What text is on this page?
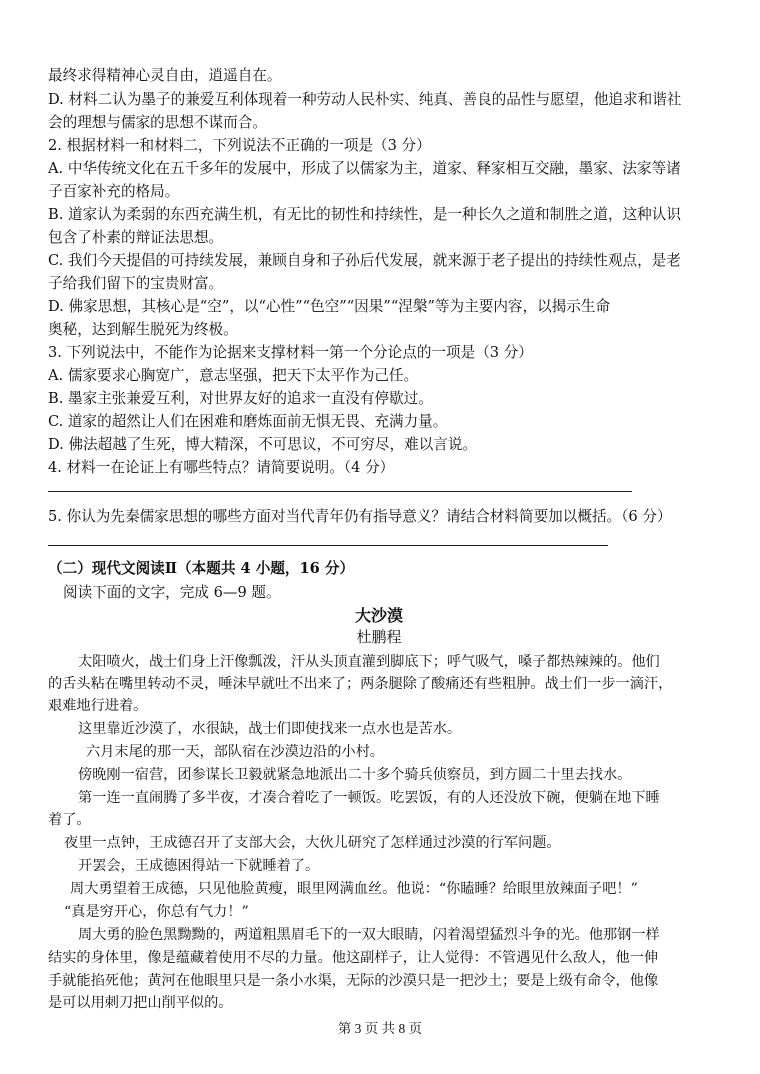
最终求得精神心灵自由，逍遥自在。
D. 材料二认为墨子的兼爱互利体现着一种劳动人民朴实、纯真、善良的品性与愿望，他追求和谐社
会的理想与儒家的思想不谋而合。
2. 根据材料一和材料二，下列说法不正确的一项是（3 分）
A. 中华传统文化在五千多年的发展中，形成了以儒家为主，道家、释家相互交融，墨家、法家等诸
子百家补充的格局。
B. 道家认为柔弱的东西充满生机，有无比的韧性和持续性，是一种长久之道和制胜之道，这种认识
包含了朴素的辩证法思想。
C. 我们今天提倡的可持续发展，兼顾自身和子孙后代发展，就来源于老子提出的持续性观点，是老
子给我们留下的宝贵财富。
D. 佛家思想，其核心是“空”，以“心性”“色空”“因果”“涅槃”等为主要内容，以揭示生命
奥秘，达到解生脱死为终极。
3. 下列说法中，不能作为论据来支撑材料一第一个分论点的一项是（3 分）
A. 儒家要求心胸宽广，意志坚强，把天下太平作为己任。
B. 墨家主张兼爱互利，对世界友好的追求一直没有停歇过。
C. 道家的超然让人们在困难和磨炼面前无惧无畏、充满力量。
D. 佛法超越了生死，博大精深，不可思议，不可穷尽，难以言说。
4. 材料一在论证上有哪些特点？请简要说明。（4 分）
5. 你认为先秦儒家思想的哪些方面对当代青年仍有指导意义？请结合材料简要加以概括。（6 分）
（二）现代文阅读Ⅱ（本题共 4 小题，16 分）
阅读下面的文字，完成 6—9 题。
大沙漠
杜鹏程
太阳喷火，战士们身上汗像瓢泼，汗从头顶直灌到脚底下；呼气吸气，嗓子都热辣辣的。他们
的舌头粘在嘴里转动不灵，唾沫早就吐不出来了；两条腿除了酸痛还有些粗肿。战士们一步一滴汗，
艰难地行进着。
这里靠近沙漠了，水很缺，战士们即使找来一点水也是苦水。
六月末尾的那一天，部队宿在沙漠边沿的小村。
傍晚刚一宿营，团参谋长卫毅就紧急地派出二十多个骑兵侦察员，到方圆二十里去找水。
第一连一直闹腾了多半夜，才凑合着吃了一顿饭。吃罢饭，有的人还没放下碗，便躺在地下睡
着了。
夜里一点钟，王成德召开了支部大会，大伙儿研究了怎样通过沙漠的行军问题。
开罢会，王成德困得站一下就睡着了。
周大勇望着王成德，只见他脸黄瘦，眼里网满血丝。他说：“你瞌睡？给眼里放辣面子吧！”
“真是穷开心，你总有气力！”
周大勇的脸色黑黝黝的，两道粗黑眉毛下的一双大眼睛，闪着渴望猛烈斗争的光。他那钢一样
结实的身体里，像是蕴藏着使用不尽的力量。他这副样子，让人觉得：不管遇见什么敌人，他一伸
手就能掐死他；黄河在他眼里只是一条小水渠，无际的沙漠只是一把沙土；要是上级有命令，他像
是可以用刺刀把山削平似的。
第 3 页 共 8 页
